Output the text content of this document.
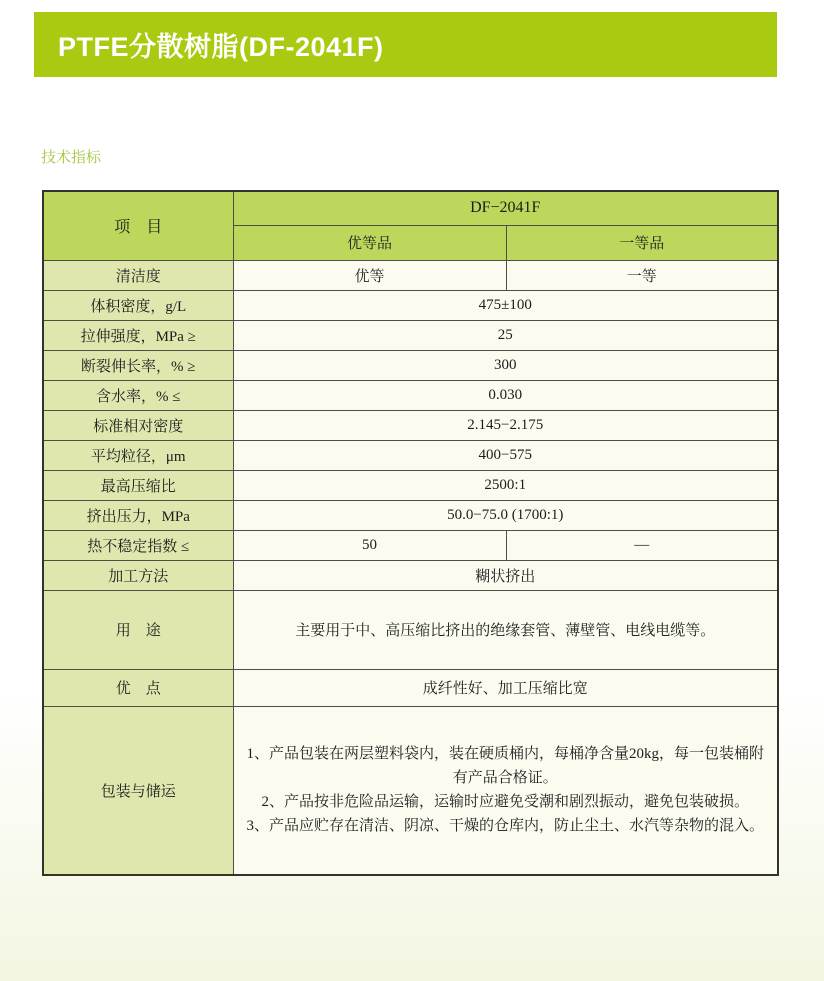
PTFE分散树脂(DF-2041F)
技术指标
项　目	DF−2041F	
	优等品	一等品
清洁度	优等	一等
体积密度，g/L	475±100	
拉伸强度，MPa ≥	25	
断裂伸长率，% ≥	300	
含水率，% ≤	0.030	
标准相对密度	2.145−2.175	
平均粒径，μm	400−575	
最高压缩比	2500:1	
挤出压力，MPa	50.0−75.0 (1700:1)	
热不稳定指数 ≤	50	—
加工方法	糊状挤出	
用　途	主要用于中、高压缩比挤出的绝缘套管、薄壁管、电线电缆等。	
优　点	成纤性好、加工压缩比宽	
包装与储运	1、产品包装在两层塑料袋内，装在硬质桶内，每桶净含量20kg，每一包装桶附有产品合格证。
2、产品按非危险品运输，运输时应避免受潮和剧烈振动，避免包装破损。
3、产品应贮存在清洁、阴凉、干燥的仓库内，防止尘土、水汽等杂物的混入。	
